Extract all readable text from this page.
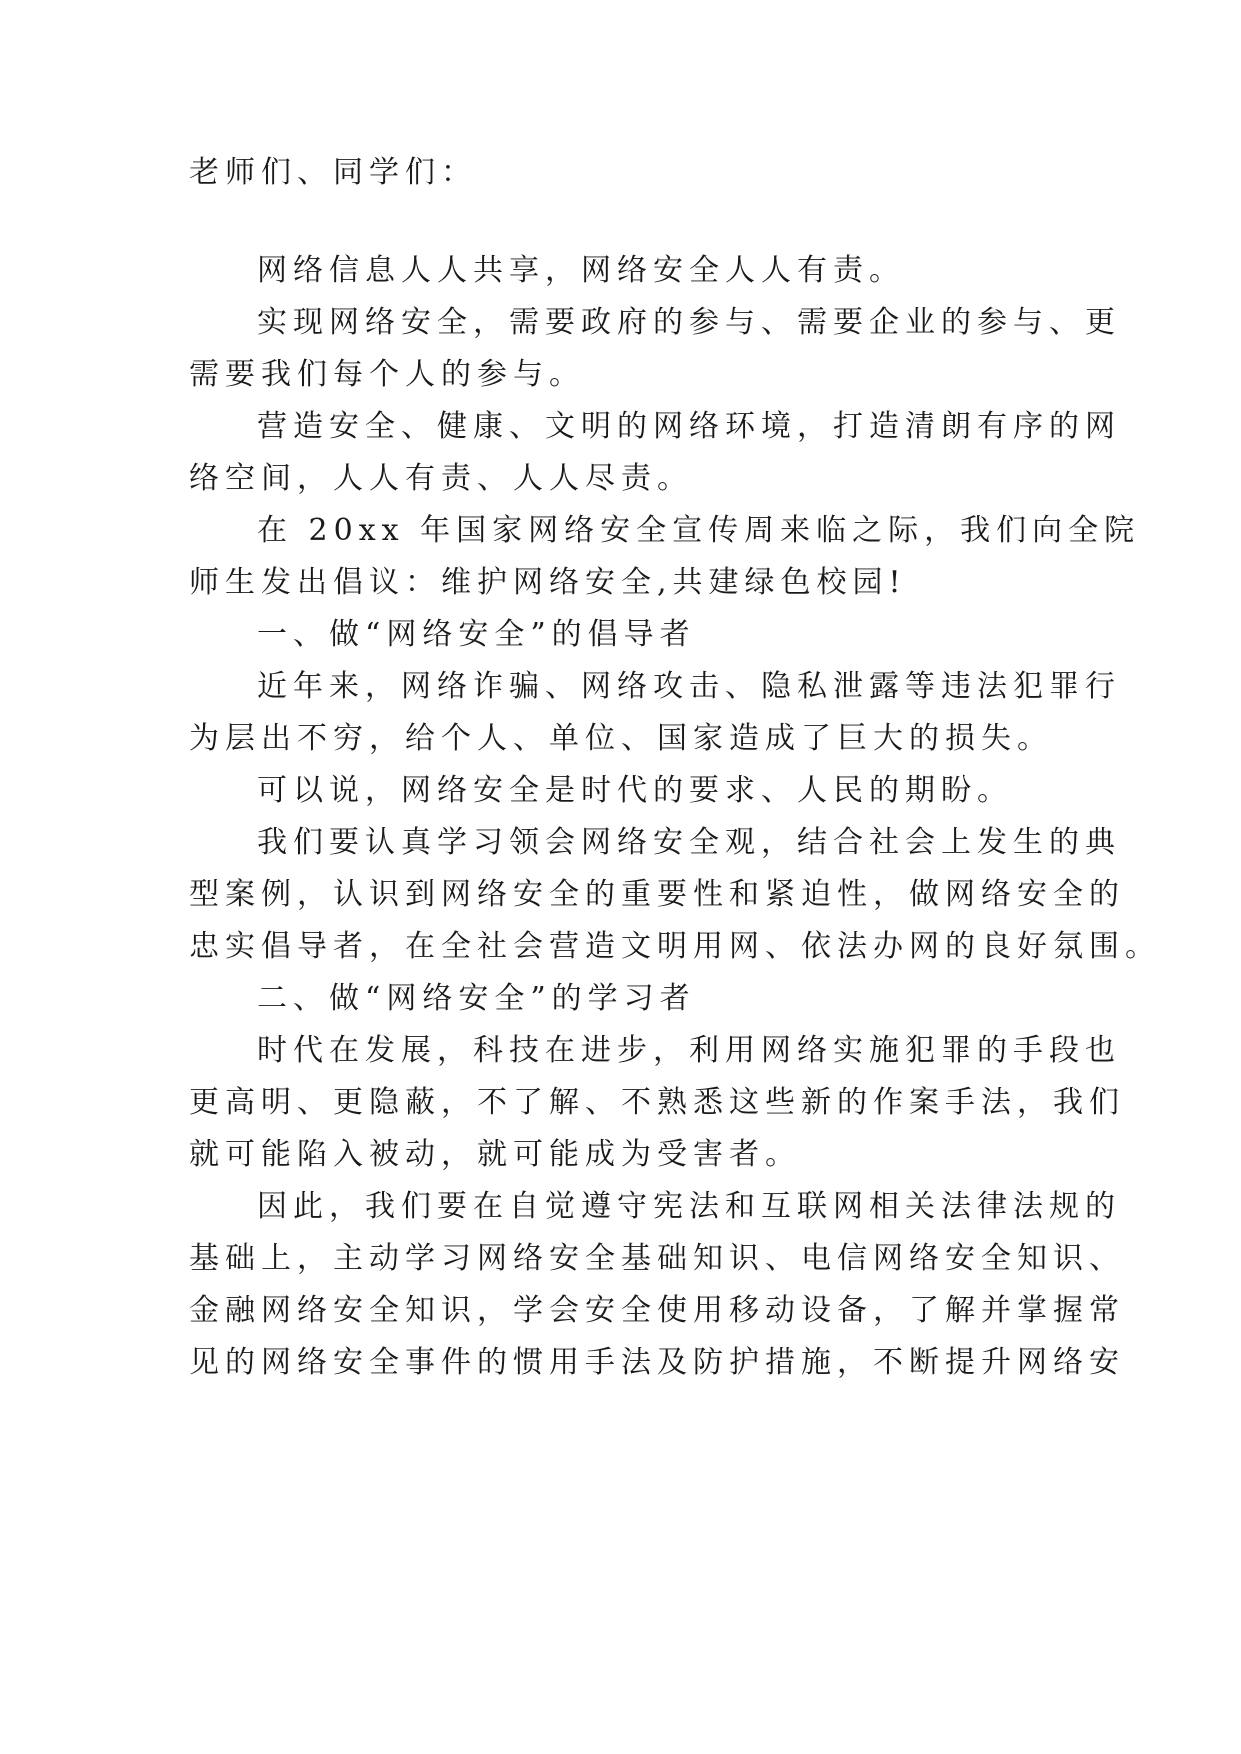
老师们、同学们：

网络信息人人共享，网络安全人人有责。

实现网络安全，需要政府的参与、需要企业的参与、更

需要我们每个人的参与。

营造安全、健康、文明的网络环境，打造清朗有序的网

络空间，人人有责、人人尽责。

在 20xx 年国家网络安全宣传周来临之际，我们向全院

师生发出倡议：维护网络安全,共建绿色校园!

一、做“网络安全”的倡导者

近年来，网络诈骗、网络攻击、隐私泄露等违法犯罪行

为层出不穷，给个人、单位、国家造成了巨大的损失。

可以说，网络安全是时代的要求、人民的期盼。

我们要认真学习领会网络安全观，结合社会上发生的典

型案例，认识到网络安全的重要性和紧迫性，做网络安全的

忠实倡导者，在全社会营造文明用网、依法办网的良好氛围。

二、做“网络安全”的学习者

时代在发展，科技在进步，利用网络实施犯罪的手段也

更高明、更隐蔽，不了解、不熟悉这些新的作案手法，我们

就可能陷入被动，就可能成为受害者。

因此，我们要在自觉遵守宪法和互联网相关法律法规的

基础上，主动学习网络安全基础知识、电信网络安全知识、

金融网络安全知识，学会安全使用移动设备，了解并掌握常

见的网络安全事件的惯用手法及防护措施，不断提升网络安
